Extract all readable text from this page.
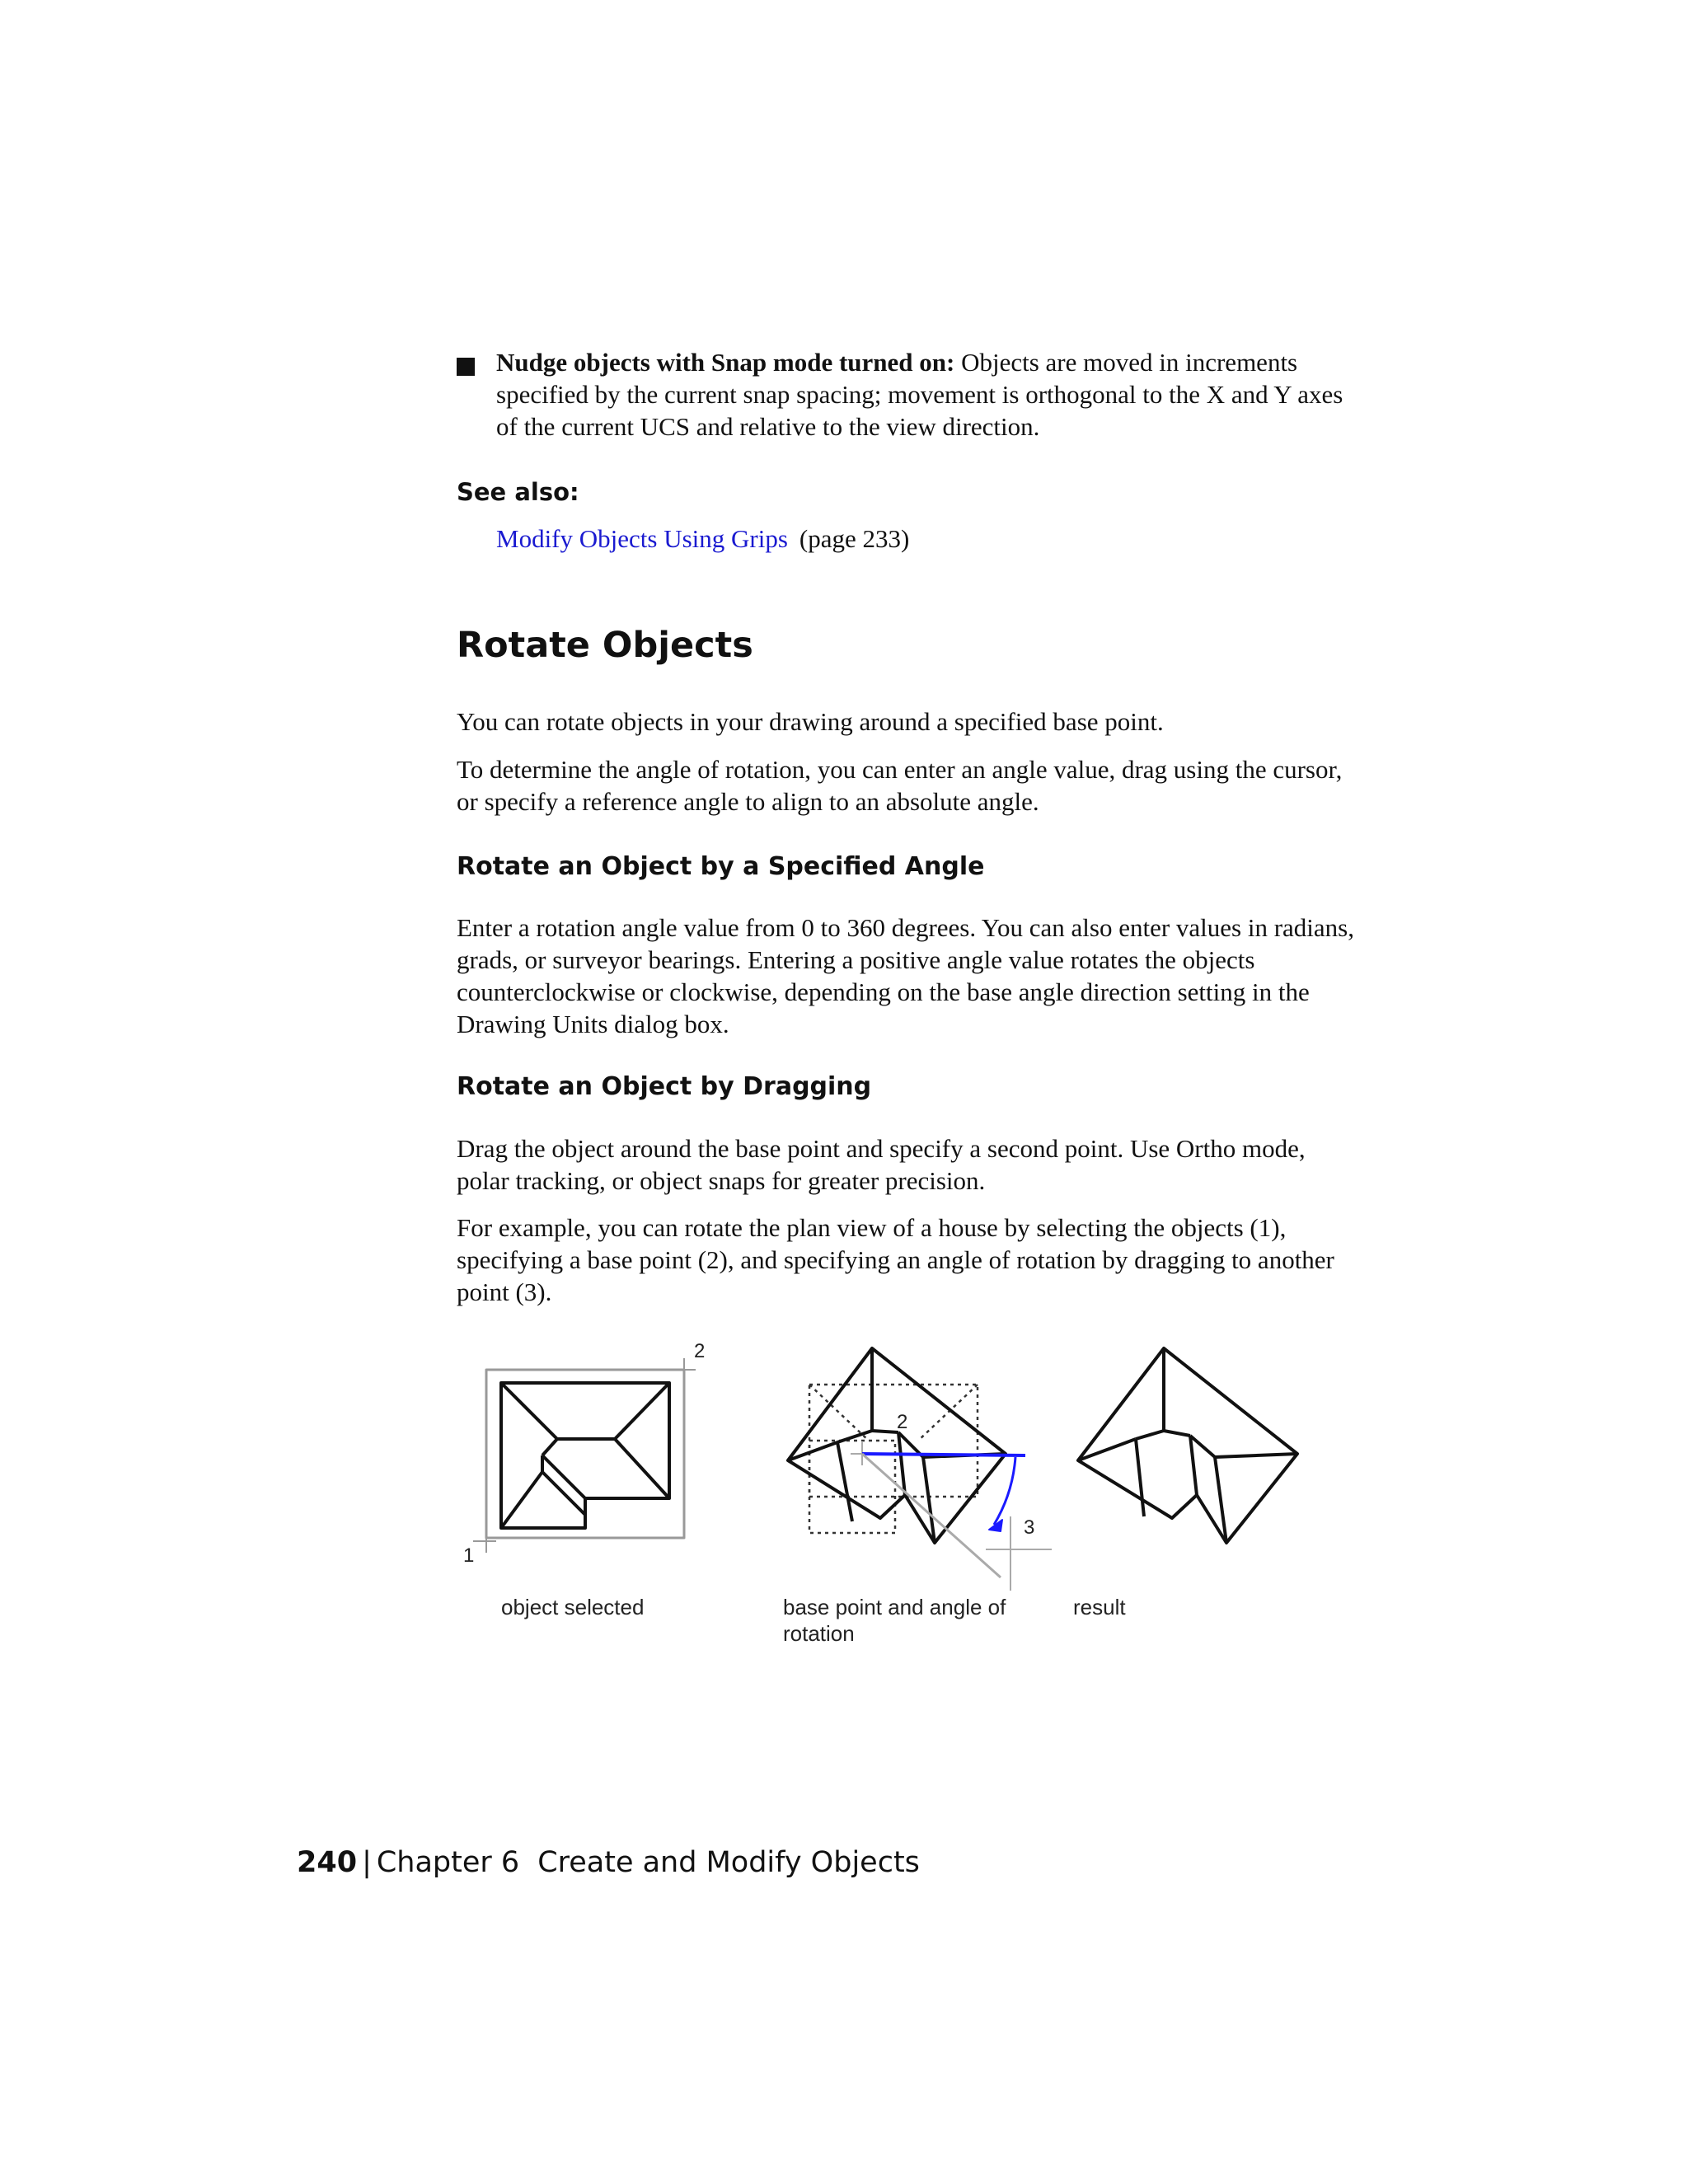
Nudge objects with Snap mode turned on: Objects are moved in increments specified by the current snap spacing; movement is orthogonal to the X and Y axes of the current UCS and relative to the view direction.
See also:
Modify Objects Using Grips (page 233)
Rotate Objects

You can rotate objects in your drawing around a specified base point.

To determine the angle of rotation, you can enter an angle value, drag using the cursor, or specify a reference angle to align to an absolute angle.

Rotate an Object by a Specified Angle

Enter a rotation angle value from 0 to 360 degrees. You can also enter values in radians, grads, or surveyor bearings. Entering a positive angle value rotates the objects counterclockwise or clockwise, depending on the base angle direction setting in the Drawing Units dialog box.

Rotate an Object by Dragging

Drag the object around the base point and specify a second point. Use Ortho mode, polar tracking, or object snaps for greater precision.

For example, you can rotate the plan view of a house by selecting the objects (1), specifying a base point (2), and specifying an angle of rotation by dragging to another point (3).

1
2
2
3
object selected	base point and angle of rotation
result
240 | Chapter 6 Create and Modify Objects
